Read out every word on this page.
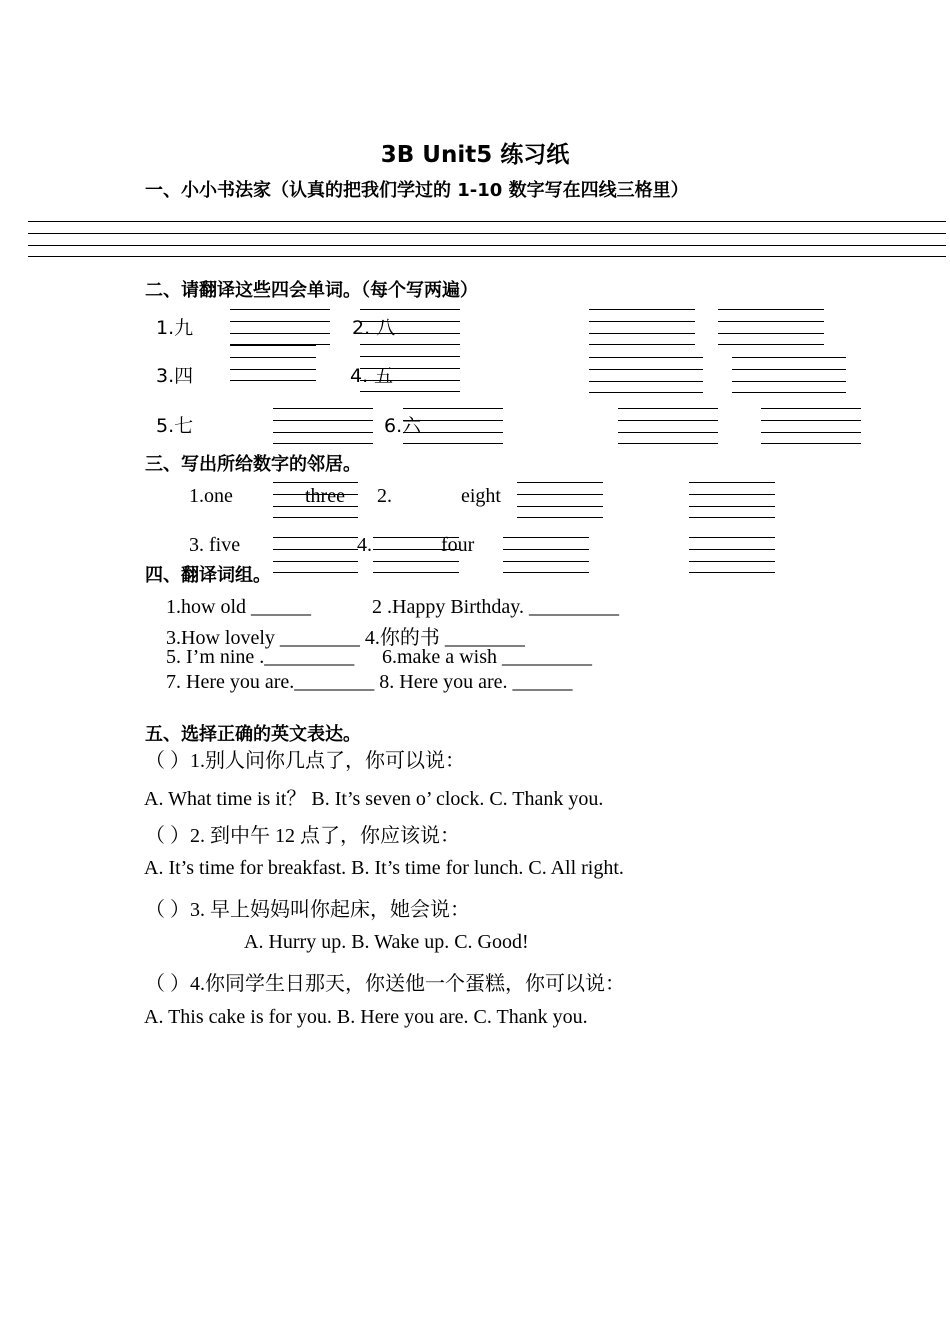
3B Unit5 练习纸
一、小小书法家（认真的把我们学过的 1-10 数字写在四线三格里）
二、请翻译这些四会单词。（每个写两遍）
1.九	2. 八
3.四	4. 五
5.七	6.六
三、写出所给数字的邻居。
1.one	three 2.	eight
3. five	4.	four
四、翻译词组。
1.how old ______	2 .Happy Birthday. _________
3.How lovely ________ 4.你的书 ________
5. I’m nine ._________ 6.make a wish _________
7. Here you are.________ 8. Here you are. ______
五、选择正确的英文表达。
（ ）1.别人问你几点了，你可以说：
A. What time is it？ B. It’s seven o’ clock. C. Thank you.
（ ）2. 到中午 12 点了，你应该说：
A. It’s time for breakfast. B. It’s time for lunch. C. All right.
（ ）3. 早上妈妈叫你起床，她会说：
A. Hurry up. B. Wake up. C. Good!
（ ）4.你同学生日那天，你送他一个蛋糕，你可以说：
A. This cake is for you. B. Here you are. C. Thank you.
